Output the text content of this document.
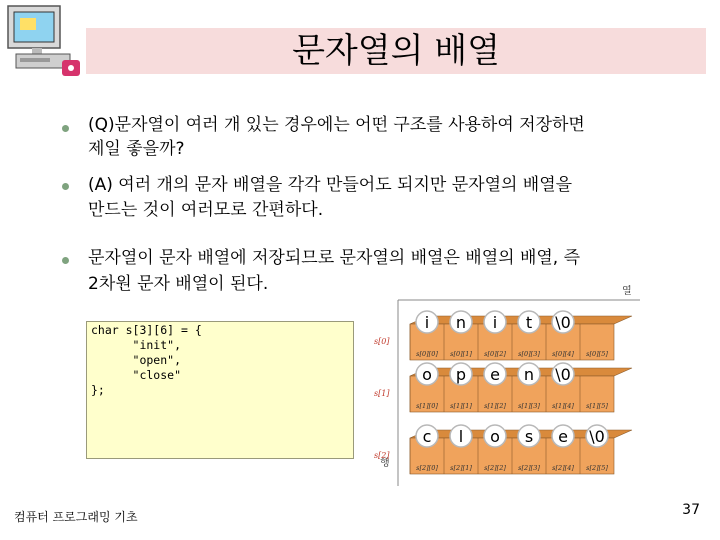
문자열의 배열
(Q)문자열이 여러 개 있는 경우에는 어떤 구조를 사용하여 저장하면
제일 좋을까?
(A) 여러 개의 문자 배열을 각각 만들어도 되지만 문자열의 배열을
만드는 것이 여러모로 간편하다.
문자열이 문자 배열에 저장되므로 문자열의 배열은 배열의 배열, 즉
2차원 문자 배열이 된다.
char s[3][6] = {
"init",
"open",
"close"
};
열
행
s[0]
s[0][0]
i
s[0][1]
n
s[0][2]
i
s[0][3]
t
s[0][4]
\0
s[0][5]
s[1]
s[1][0]
o
s[1][1]
p
s[1][2]
e
s[1][3]
n
s[1][4]
\0
s[1][5]
s[2]
s[2][0]
c
s[2][1]
l
s[2][2]
o
s[2][3]
s
s[2][4]
e
s[2][5]
\0
컴퓨터 프로그래밍 기초	37
